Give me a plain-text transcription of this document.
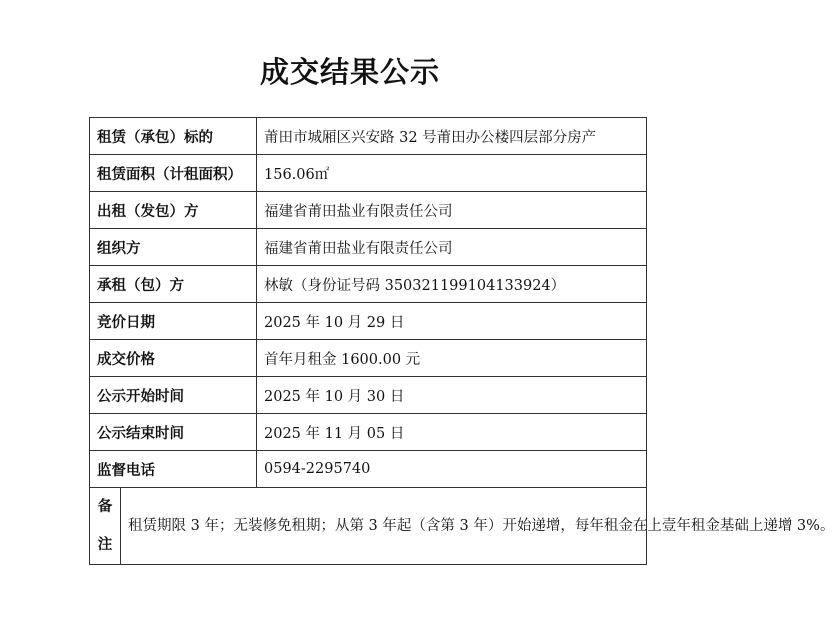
成交结果公示
租赁（承包）标的		莆田市城厢区兴安路 32 号莆田办公楼四层部分房产
租赁面积（计租面积）		156.06㎡
出租（发包）方		福建省莆田盐业有限责任公司
组织方		福建省莆田盐业有限责任公司
承租（包）方		林敏（身份证号码 350321199104133924）
竞价日期		2025 年 10 月 29 日
成交价格		首年月租金 1600.00 元
公示开始时间		2025 年 10 月 30 日
公示结束时间		2025 年 11 月 05 日
监督电话		0594-2295740

备
注	租赁期限 3 年；无装修免租期；从第 3 年起（含第 3 年）开始递增，每年租金在上壹年租金基础上递增 3%。	
